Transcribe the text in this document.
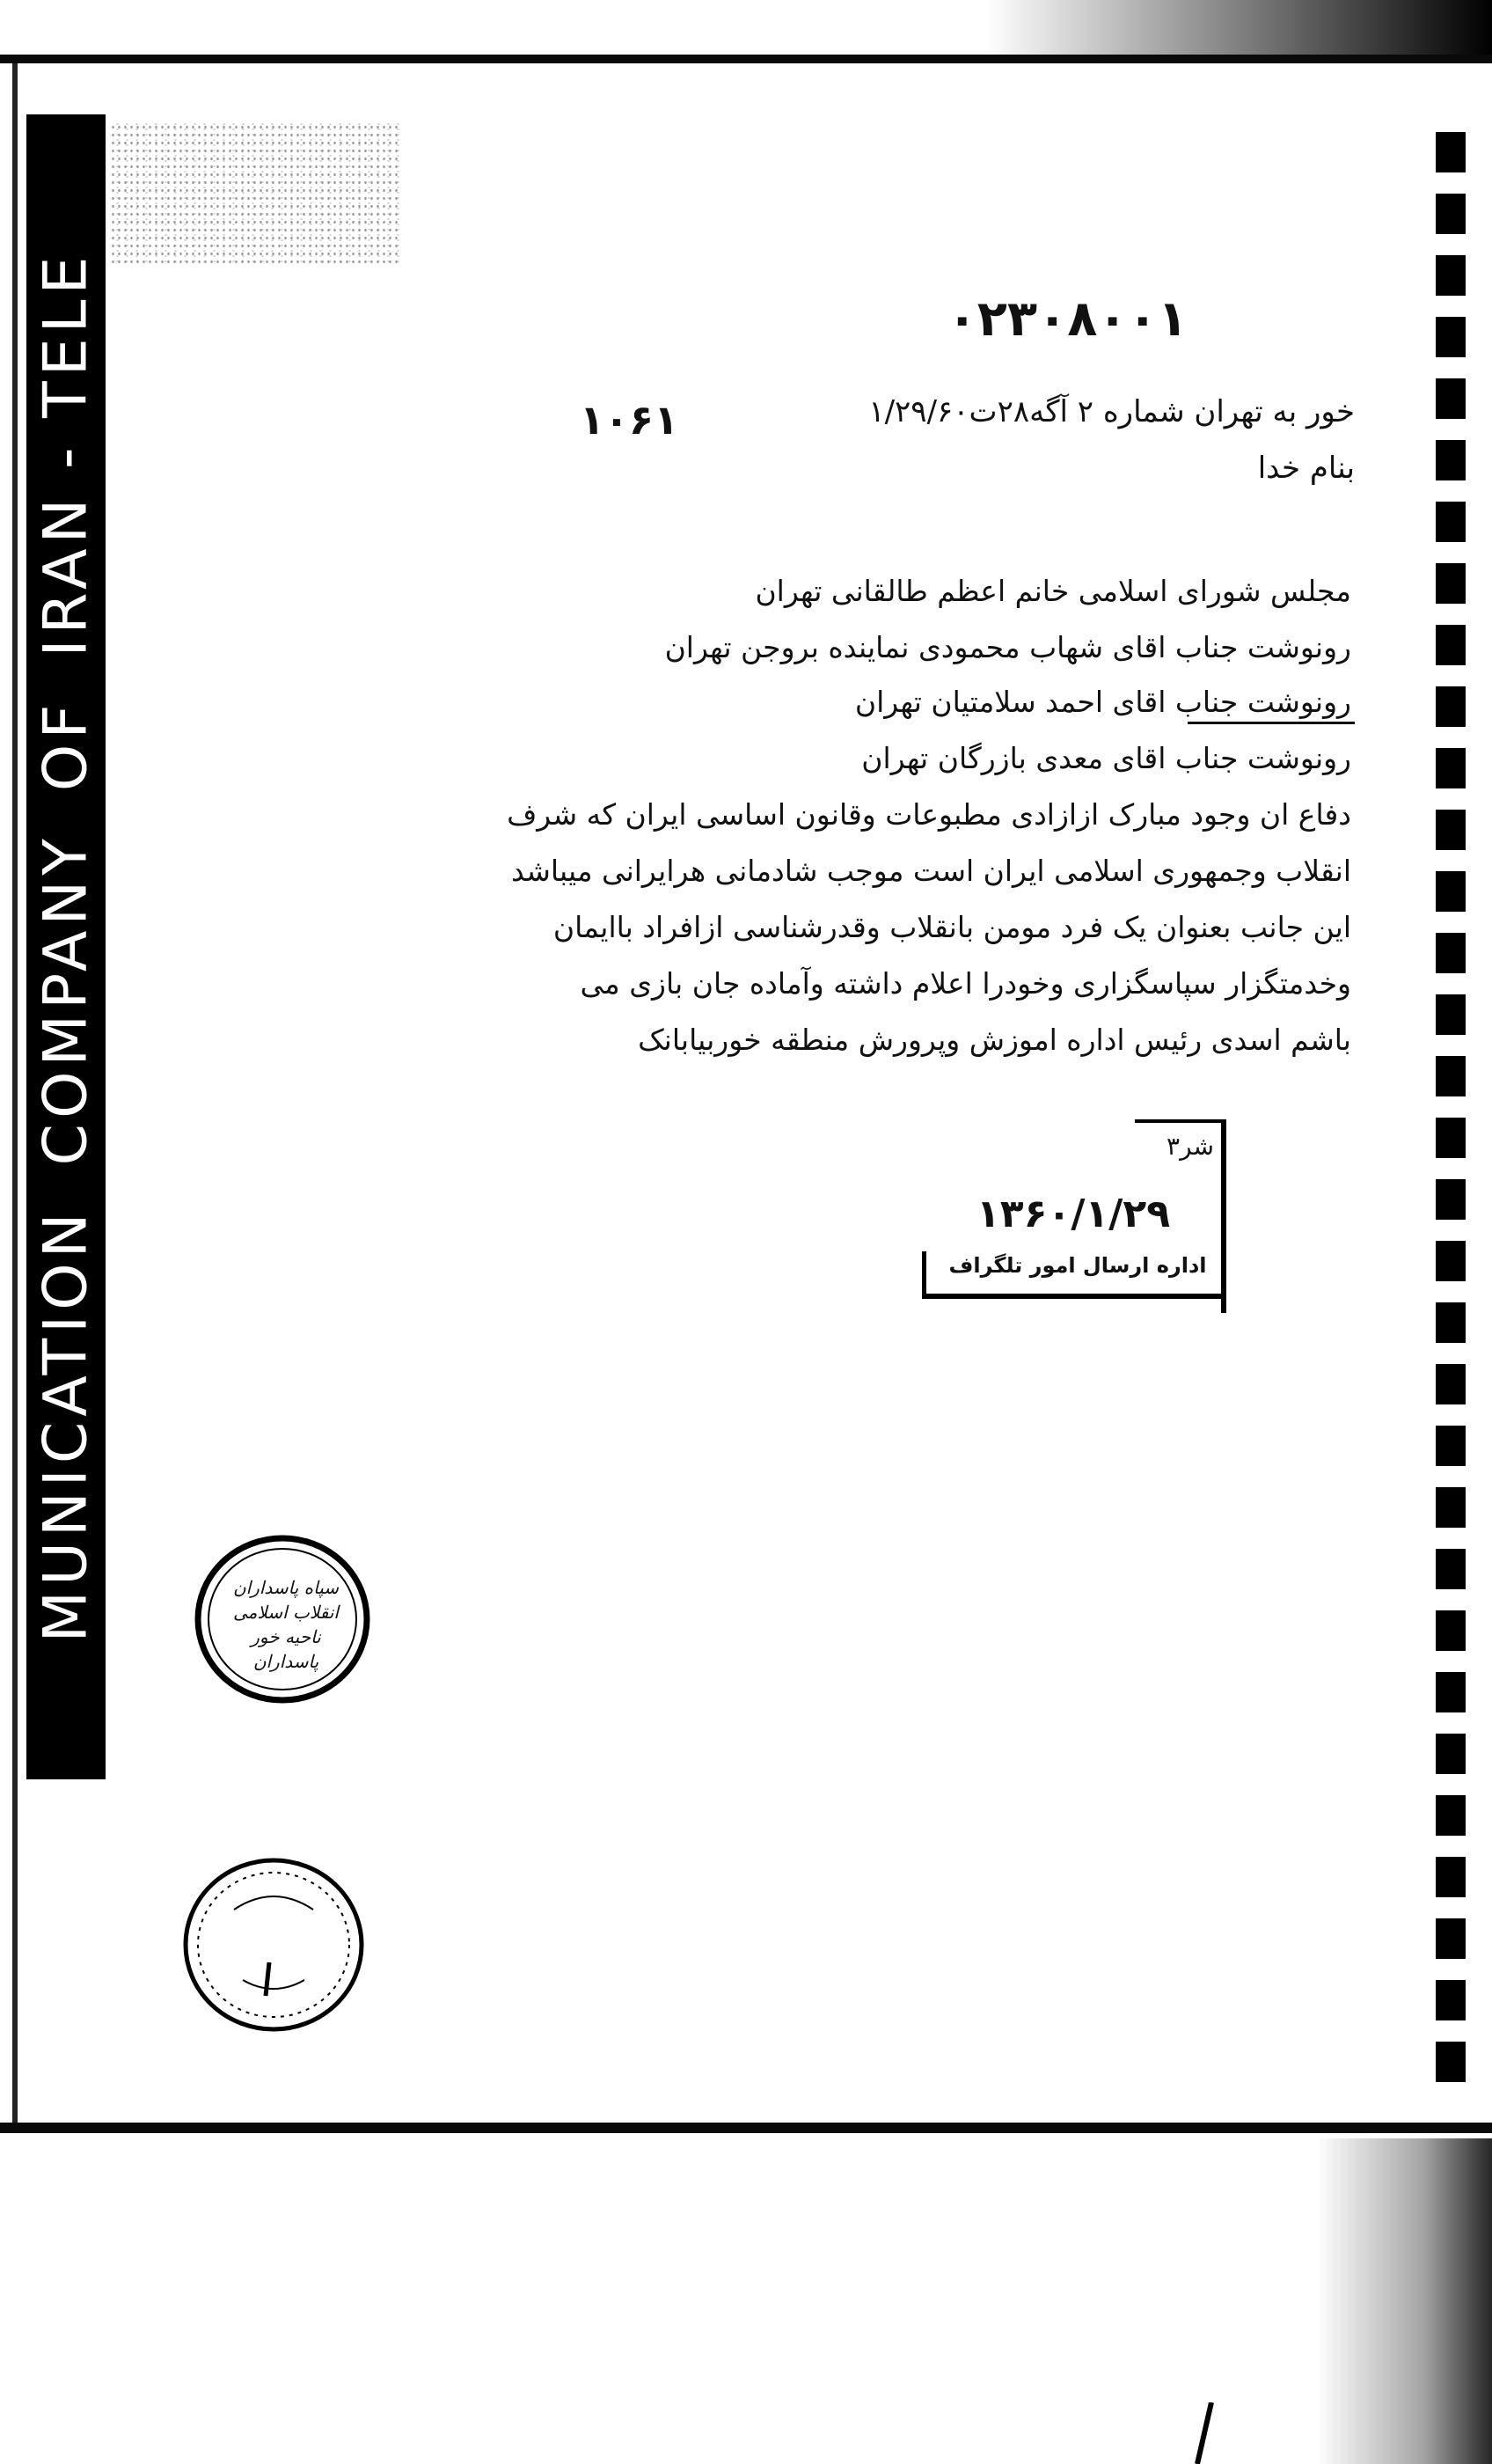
MUNICATIONCOMPANYOFIRAN - TELE	۰۲۳۰۸۰۰۱
خور به تهران شماره ۲ آگه۲۸ت۱/۲۹/۶۰
۱۰۶۱
بنام خدا
مجلس شورای اسلامی خانم اعظم طالقانی تهران
رونوشت جناب اقای شهاب محمودی نماینده بروجن تهران
رونوشت جناب اقای احمد سلامتیان تهران
رونوشت جناب اقای معدی بازرگان تهران
دفاع ان وجود مبارک ازازادی مطبوعات وقانون اساسی ایران که شرف
انقلاب وجمهوری اسلامی ایران است موجب شادمانی هرایرانی میباشد
این جانب بعنوان یک فرد مومن بانقلاب وقدرشناسی ازافراد باایمان
وخدمتگزار سپاسگزاری وخودرا اعلام داشته وآماده جان بازی می
باشم اسدی رئیس اداره اموزش وپرورش منطقه خوربیابانک
شر۳
۱۳۶۰/۱/۲۹
اداره ارسال امور تلگراف
سپاه پاسداران انقلاب اسلامی
ناحیه خور
پاسداران
